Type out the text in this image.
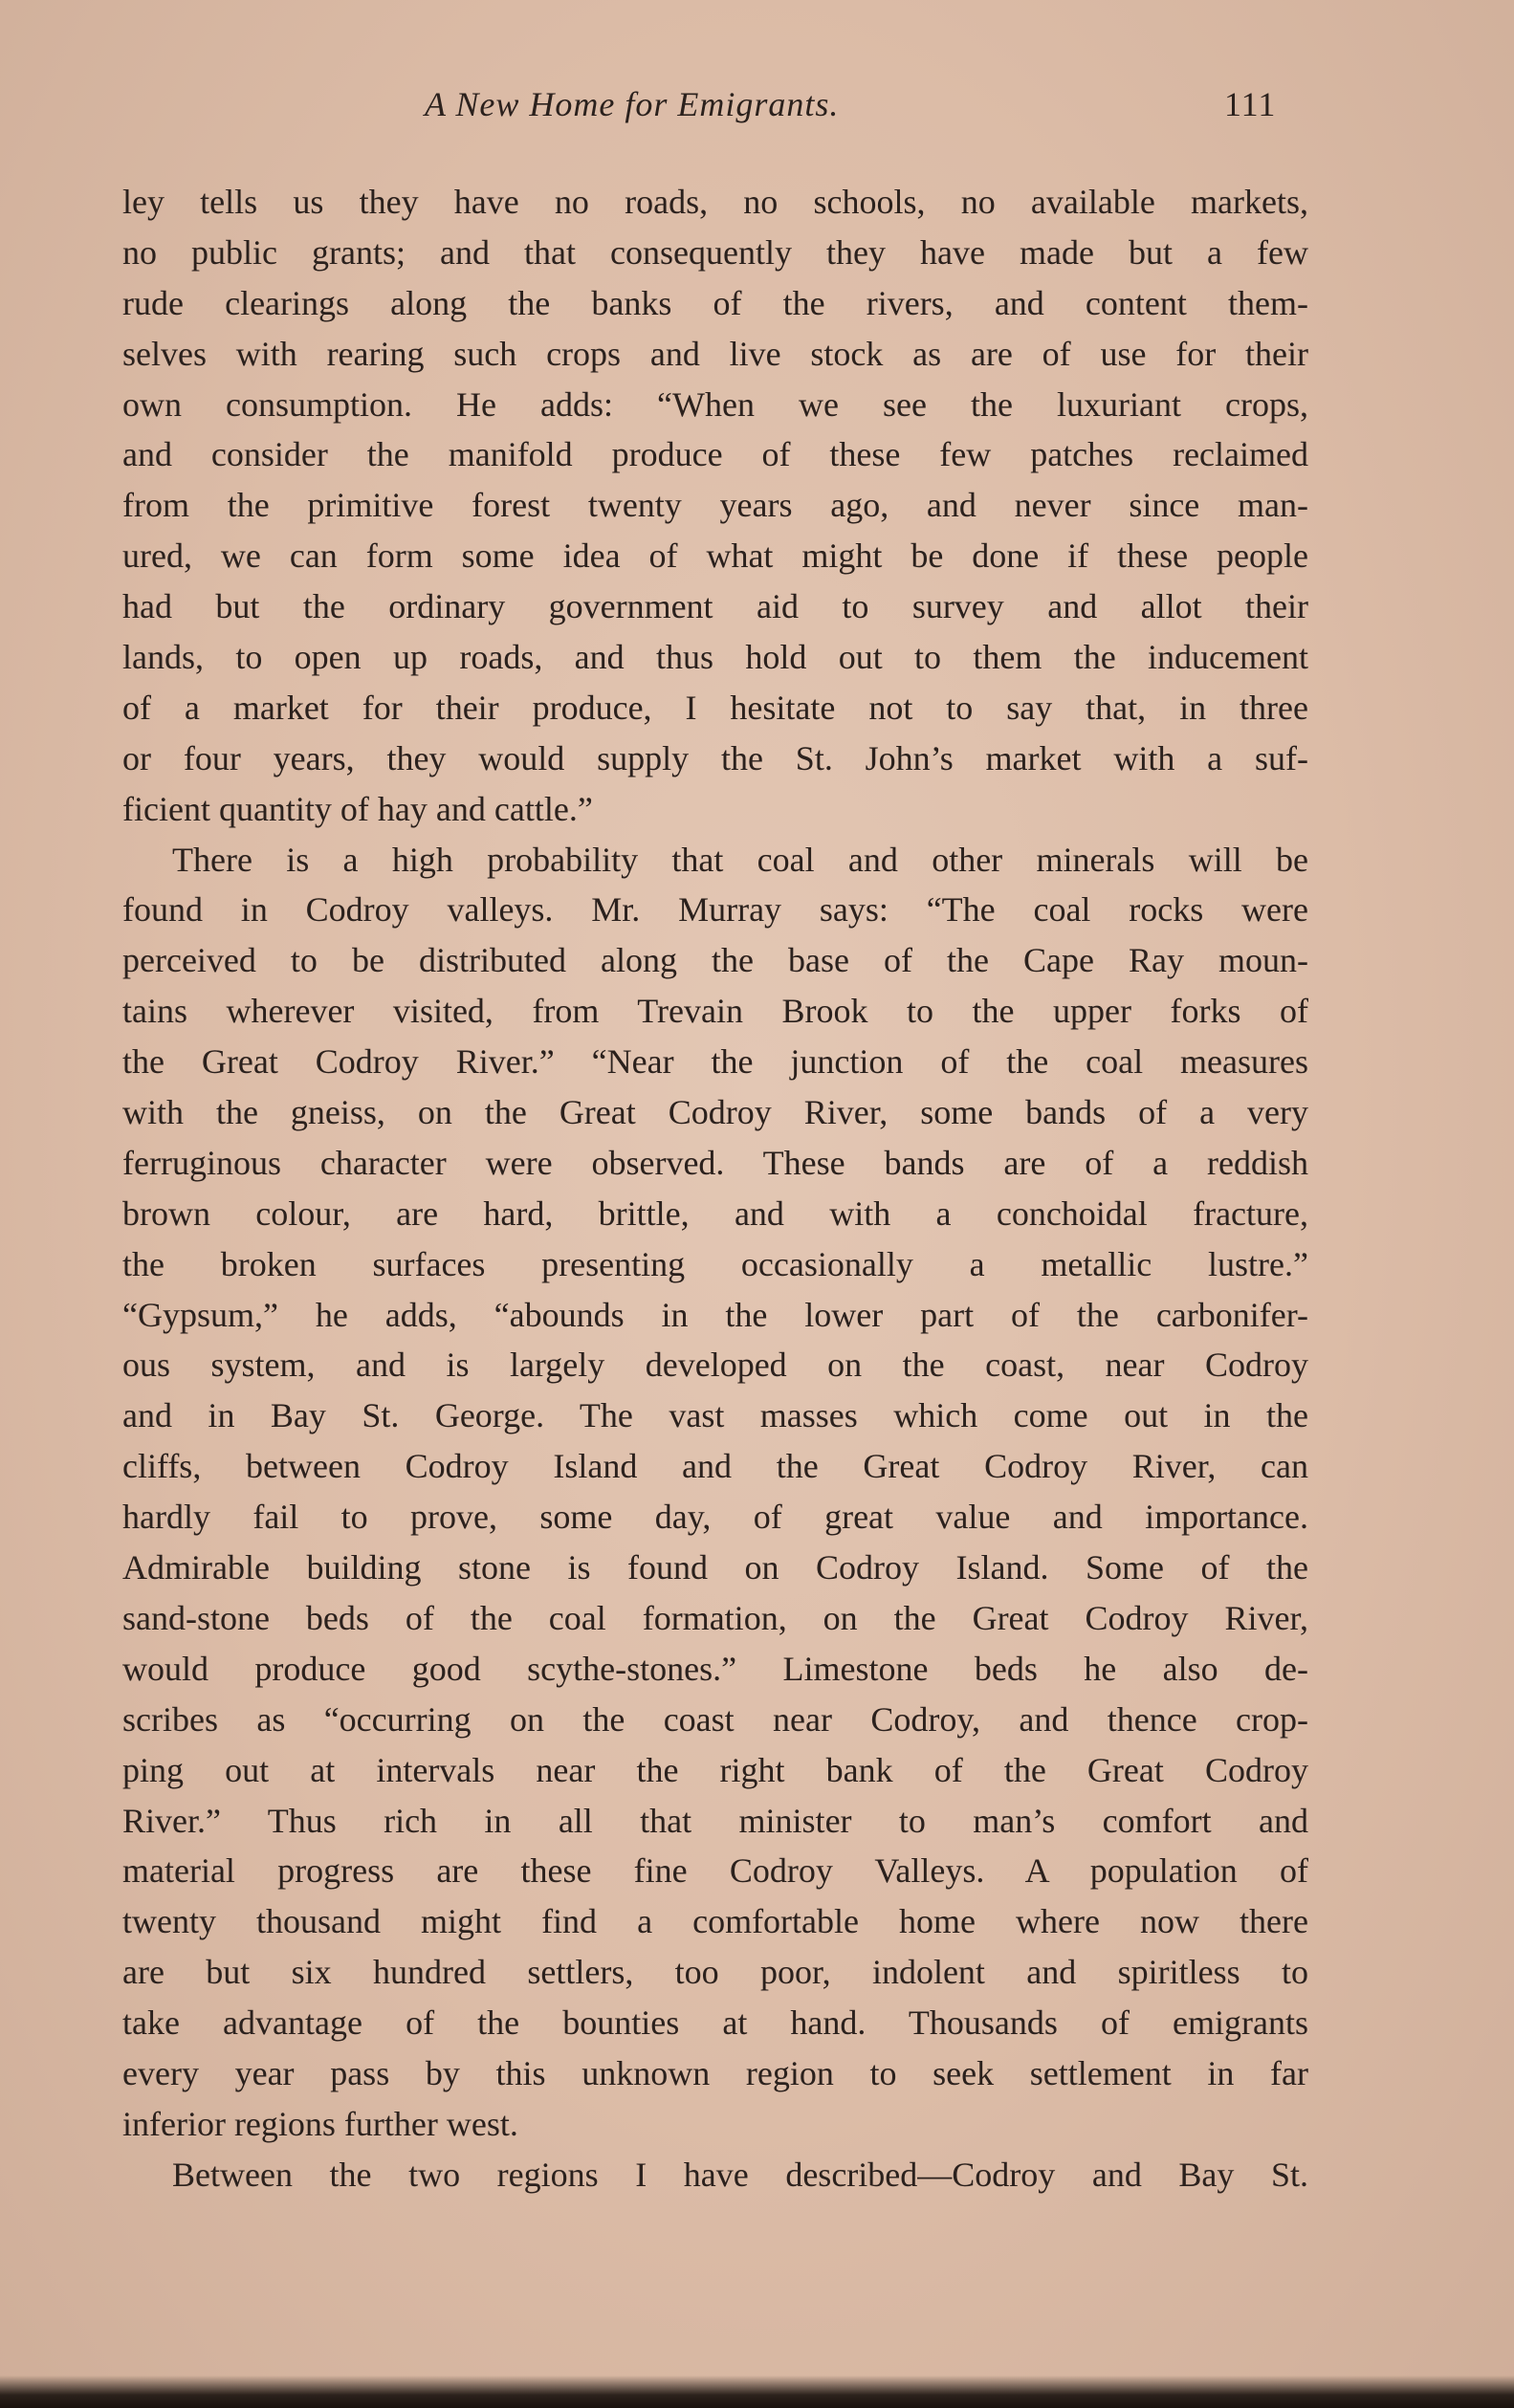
A New Home for Emigrants.	111
ley tells us they have no roads, no schools, no available markets,
no public grants; and that consequently they have made but a few
rude clearings along the banks of the rivers, and content them-
selves with rearing such crops and live stock as are of use for their
own consumption. He adds: “When we see the luxuriant crops,
and consider the manifold produce of these few patches reclaimed
from the primitive forest twenty years ago, and never since man-
ured, we can form some idea of what might be done if these people
had but the ordinary government aid to survey and allot their
lands, to open up roads, and thus hold out to them the inducement
of a market for their produce, I hesitate not to say that, in three
or four years, they would supply the St. John’s market with a suf-
ficient quantity of hay and cattle.”
There is a high probability that coal and other minerals will be
found in Codroy valleys. Mr. Murray says: “The coal rocks were
perceived to be distributed along the base of the Cape Ray moun-
tains wherever visited, from Trevain Brook to the upper forks of
the Great Codroy River.” “Near the junction of the coal measures
with the gneiss, on the Great Codroy River, some bands of a very
ferruginous character were observed. These bands are of a reddish
brown colour, are hard, brittle, and with a conchoidal fracture,
the broken surfaces presenting occasionally a metallic lustre.”
“Gypsum,” he adds, “abounds in the lower part of the carbonifer-
ous system, and is largely developed on the coast, near Codroy
and in Bay St. George. The vast masses which come out in the
cliffs, between Codroy Island and the Great Codroy River, can
hardly fail to prove, some day, of great value and importance.
Admirable building stone is found on Codroy Island. Some of the
sand-stone beds of the coal formation, on the Great Codroy River,
would produce good scythe-stones.” Limestone beds he also de-
scribes as “occurring on the coast near Codroy, and thence crop-
ping out at intervals near the right bank of the Great Codroy
River.” Thus rich in all that minister to man’s comfort and
material progress are these fine Codroy Valleys. A population of
twenty thousand might find a comfortable home where now there
are but six hundred settlers, too poor, indolent and spiritless to
take advantage of the bounties at hand. Thousands of emigrants
every year pass by this unknown region to seek settlement in far
inferior regions further west.
Between the two regions I have described—Codroy and Bay St.
